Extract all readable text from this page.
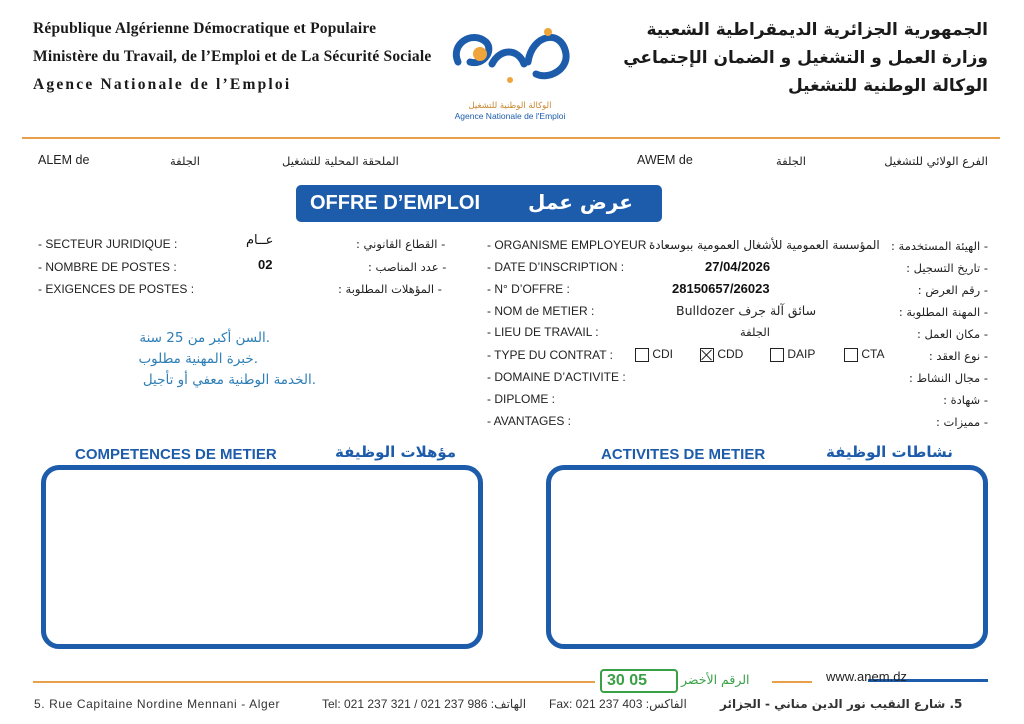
République Algérienne Démocratique et Populaire
Ministère du Travail, de l’Emploi et de La Sécurité Sociale
Agence Nationale de l’Emploi
الجمهورية الجزائرية الديمقراطية الشعبية
وزارة العمل و التشغيل و الضمان الإجتماعي
الوكالة الوطنية للتشغيل
الوكالة الوطنية للتشغيل
Agence Nationale de l'Emploi
ALEM de	الجلفة	الملحقة المحلية للتشغيل	AWEM de	الجلفة	الفرع الولائي للتشغيل
OFFRE D’EMPLOI عرض عمل
- SECTEUR JURIDIQUE :	عــام	- القطاع القانوني :
- NOMBRE DE POSTES :	02	- عدد المناصب :
- EXIGENCES DE POSTES :	- المؤهلات المطلوبة :
.السن أكبر من 25 سنة
.خبرة المهنية مطلوب
.الخدمة الوطنية معفي أو تأجيل
- ORGANISME EMPLOYEUR :
المؤسسة العمومية للأشغال العمومية ببوسعادة - الهيئة المستخدمة :
- DATE D’INSCRIPTION :	27/04/2026	- تاريخ التسجيل :
- N° D’OFFRE :	28150657/26023	- رقم العرض :
- NOM de METIER :	Bulldozer سائق آلة جرف	- المهنة المطلوبة :
- LIEU DE TRAVAIL :	الجلفة	- مكان العمل :
- TYPE DU CONTRAT :	CDI	CDD	DAIP	CTA	- نوع العقد :
- DOMAINE D’ACTIVITE :	- مجال النشاط :
- DIPLOME :	- شهادة :
- AVANTAGES :	- مميزات :
COMPETENCES DE METIER	مؤهلات الوظيفة	ACTIVITES DE METIER	نشاطات الوظيفة
30 05	الرقم الأخضر	www.anem.dz
5. Rue Capitaine Nordine Mennani - Alger	Tel: 021 237 321 / 021 237 986 :الهاتف Fax: 021 237 403 :الفاكس	5. شارع النقيب نور الدين مناني - الجزائر
